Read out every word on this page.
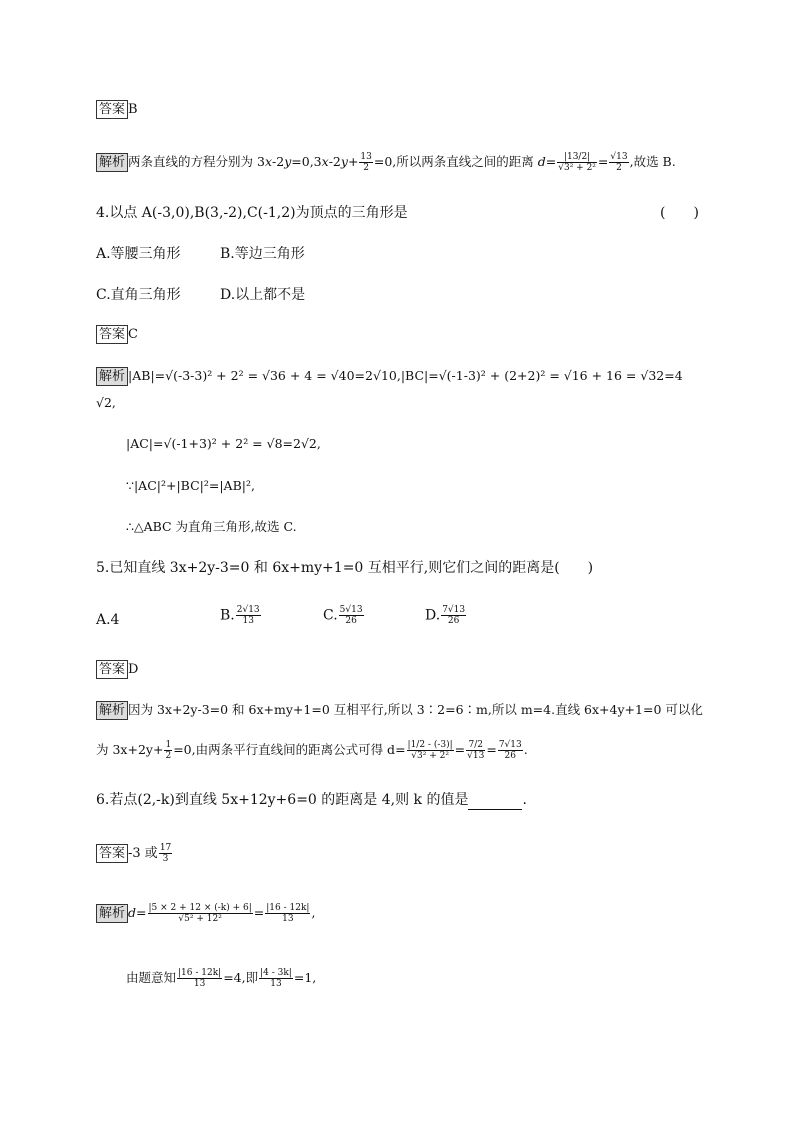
答案 B
解析 两条直线的方程分别为 $3x-2y=0,3x-2y+ \frac{13}{2} =0$,所以两条直线之间的距离 $d= \frac{|13/2|}{\text{√3² + 2²}} = \frac{√13}{2}$ ,故选 B.
4.以点 A(-3,0),B(3,-2),C(-1,2)为顶点的三角形是	(　　)
A.等腰三角形	B.等边三角形
C.直角三角形	D.以上都不是
答案 C
解析 |AB|=√(-3-3)² + 2² = √36 + 4 = √40=2√10,|BC|=√(-1-3)² + (2+2)² = √16 + 16 = √32=4
√2,
|AC|=√(-1+3)² + 2² = √8=2√2,
∵|AC|²+|BC|²=|AB|²,
∴△ABC 为直角三角形,故选 C.
5.已知直线 3x+2y-3=0 和 6x+my+1=0 互相平行,则它们之间的距离是(　　)
A.4	B. $\frac{2√13}{13}$	C. $\frac{5√13}{26}$	D. $\frac{7√13}{26}$
答案 D
解析 因为 3x+2y-3=0 和 6x+my+1=0 互相平行,所以 3∶2=6∶m,所以 m=4.直线 6x+4y+1=0 可以化
为 $3x+2y+ \frac{1}{2} =0$,由两条平行直线间的距离公式可得 $d= \frac{|1/2 - (-3)|}{\text{√3² + 2²}} = \frac{7/2}{√13} = \frac{7√13}{26}$ .
6.若点(2,-k)到直线 5x+12y+6=0 的距离是 4,则 k 的值是	.
答案 -3 或 $\frac{17}{3}$
解析 $d= \frac{|5 \times 2 + 12 \times (-k) + 6|}{\text{√5² + 12²}} = \frac{|16 - 12k|}{13}$ ,
由题意知 $\frac{|16 - 12k|}{13} =4$,即 $\frac{|4 - 3k|}{13} =1$,
